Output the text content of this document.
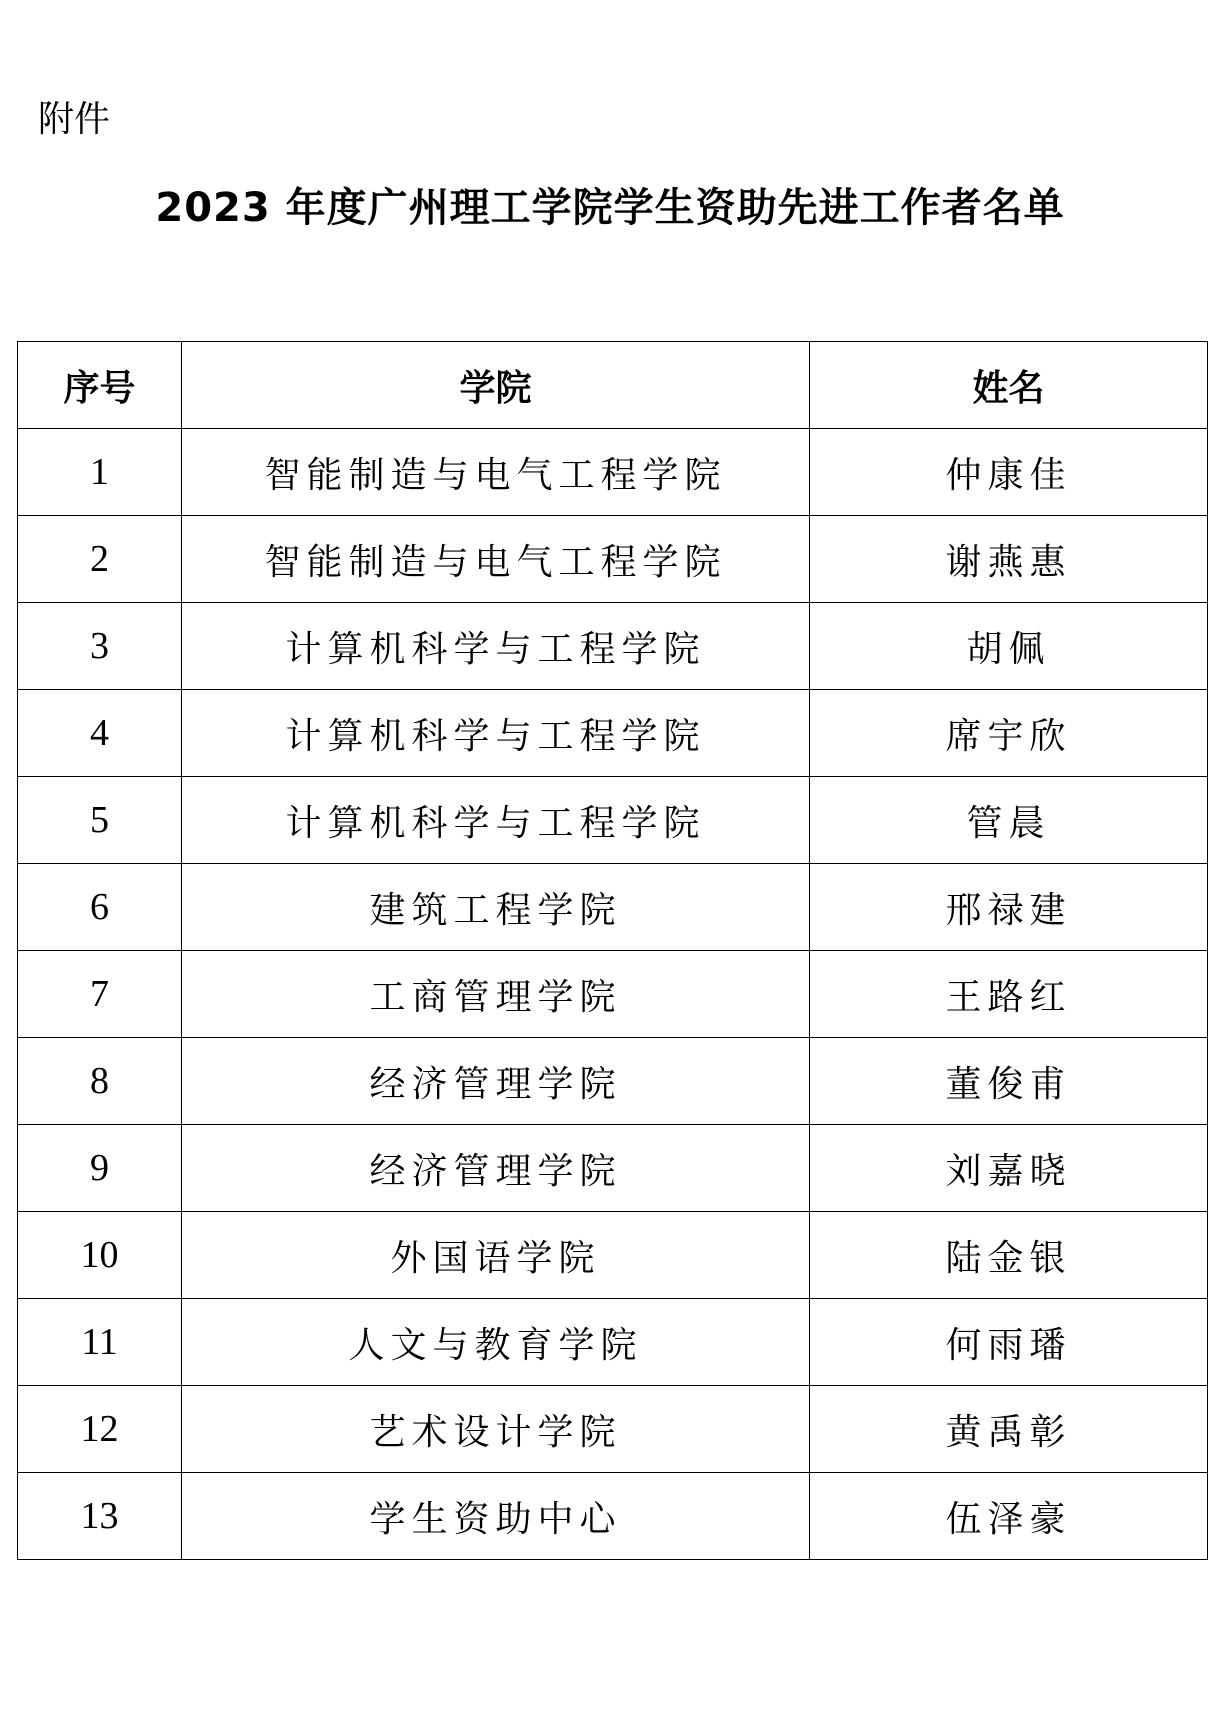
附件
2023 年度广州理工学院学生资助先进工作者名单
序号	学院	姓名
1	智能制造与电气工程学院	仲康佳
2	智能制造与电气工程学院	谢燕惠
3	计算机科学与工程学院	胡佩
4	计算机科学与工程学院	席宇欣
5	计算机科学与工程学院	管晨
6	建筑工程学院	邢禄建
7	工商管理学院	王路红
8	经济管理学院	董俊甫
9	经济管理学院	刘嘉晓
10	外国语学院	陆金银
11	人文与教育学院	何雨璠
12	艺术设计学院	黄禹彰
13	学生资助中心	伍泽豪
